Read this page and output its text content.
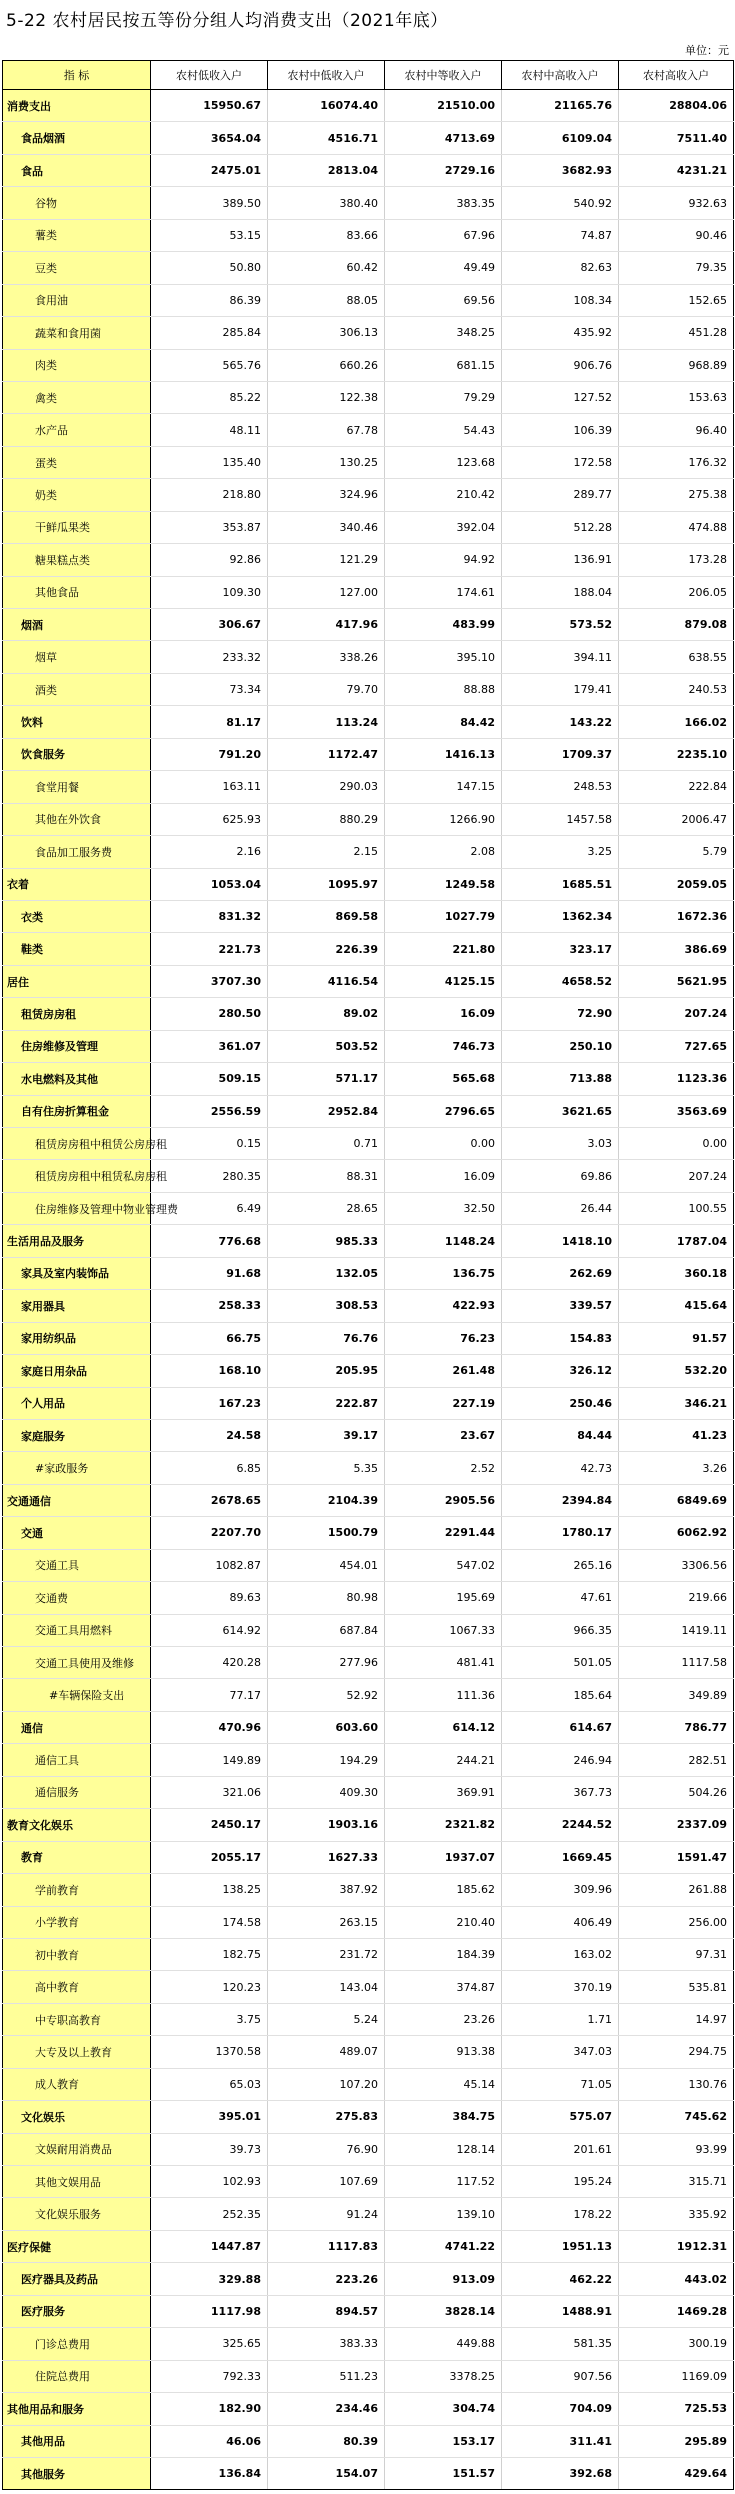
5-22 农村居民按五等份分组人均消费支出（2021年底）
单位：元
指 标	农村低收入户	农村中低收入户	农村中等收入户	农村中高收入户	农村高收入户
消费支出	15950.67	16074.40	21510.00	21165.76	28804.06
食品烟酒	3654.04	4516.71	4713.69	6109.04	7511.40
食品	2475.01	2813.04	2729.16	3682.93	4231.21
谷物	389.50	380.40	383.35	540.92	932.63
薯类	53.15	83.66	67.96	74.87	90.46
豆类	50.80	60.42	49.49	82.63	79.35
食用油	86.39	88.05	69.56	108.34	152.65
蔬菜和食用菌	285.84	306.13	348.25	435.92	451.28
肉类	565.76	660.26	681.15	906.76	968.89
禽类	85.22	122.38	79.29	127.52	153.63
水产品	48.11	67.78	54.43	106.39	96.40
蛋类	135.40	130.25	123.68	172.58	176.32
奶类	218.80	324.96	210.42	289.77	275.38
干鲜瓜果类	353.87	340.46	392.04	512.28	474.88
糖果糕点类	92.86	121.29	94.92	136.91	173.28
其他食品	109.30	127.00	174.61	188.04	206.05
烟酒	306.67	417.96	483.99	573.52	879.08
烟草	233.32	338.26	395.10	394.11	638.55
酒类	73.34	79.70	88.88	179.41	240.53
饮料	81.17	113.24	84.42	143.22	166.02
饮食服务	791.20	1172.47	1416.13	1709.37	2235.10
食堂用餐	163.11	290.03	147.15	248.53	222.84
其他在外饮食	625.93	880.29	1266.90	1457.58	2006.47
食品加工服务费	2.16	2.15	2.08	3.25	5.79
衣着	1053.04	1095.97	1249.58	1685.51	2059.05
衣类	831.32	869.58	1027.79	1362.34	1672.36
鞋类	221.73	226.39	221.80	323.17	386.69
居住	3707.30	4116.54	4125.15	4658.52	5621.95
租赁房房租	280.50	89.02	16.09	72.90	207.24
住房维修及管理	361.07	503.52	746.73	250.10	727.65
水电燃料及其他	509.15	571.17	565.68	713.88	1123.36
自有住房折算租金	2556.59	2952.84	2796.65	3621.65	3563.69
租赁房房租中租赁公房房租	0.15	0.71	0.00	3.03	0.00
租赁房房租中租赁私房房租	280.35	88.31	16.09	69.86	207.24
住房维修及管理中物业管理费	6.49	28.65	32.50	26.44	100.55
生活用品及服务	776.68	985.33	1148.24	1418.10	1787.04
家具及室内装饰品	91.68	132.05	136.75	262.69	360.18
家用器具	258.33	308.53	422.93	339.57	415.64
家用纺织品	66.75	76.76	76.23	154.83	91.57
家庭日用杂品	168.10	205.95	261.48	326.12	532.20
个人用品	167.23	222.87	227.19	250.46	346.21
家庭服务	24.58	39.17	23.67	84.44	41.23
#家政服务	6.85	5.35	2.52	42.73	3.26
交通通信	2678.65	2104.39	2905.56	2394.84	6849.69
交通	2207.70	1500.79	2291.44	1780.17	6062.92
交通工具	1082.87	454.01	547.02	265.16	3306.56
交通费	89.63	80.98	195.69	47.61	219.66
交通工具用燃料	614.92	687.84	1067.33	966.35	1419.11
交通工具使用及维修	420.28	277.96	481.41	501.05	1117.58
#车辆保险支出	77.17	52.92	111.36	185.64	349.89
通信	470.96	603.60	614.12	614.67	786.77
通信工具	149.89	194.29	244.21	246.94	282.51
通信服务	321.06	409.30	369.91	367.73	504.26
教育文化娱乐	2450.17	1903.16	2321.82	2244.52	2337.09
教育	2055.17	1627.33	1937.07	1669.45	1591.47
学前教育	138.25	387.92	185.62	309.96	261.88
小学教育	174.58	263.15	210.40	406.49	256.00
初中教育	182.75	231.72	184.39	163.02	97.31
高中教育	120.23	143.04	374.87	370.19	535.81
中专职高教育	3.75	5.24	23.26	1.71	14.97
大专及以上教育	1370.58	489.07	913.38	347.03	294.75
成人教育	65.03	107.20	45.14	71.05	130.76
文化娱乐	395.01	275.83	384.75	575.07	745.62
文娱耐用消费品	39.73	76.90	128.14	201.61	93.99
其他文娱用品	102.93	107.69	117.52	195.24	315.71
文化娱乐服务	252.35	91.24	139.10	178.22	335.92
医疗保健	1447.87	1117.83	4741.22	1951.13	1912.31
医疗器具及药品	329.88	223.26	913.09	462.22	443.02
医疗服务	1117.98	894.57	3828.14	1488.91	1469.28
门诊总费用	325.65	383.33	449.88	581.35	300.19
住院总费用	792.33	511.23	3378.25	907.56	1169.09
其他用品和服务	182.90	234.46	304.74	704.09	725.53
其他用品	46.06	80.39	153.17	311.41	295.89
其他服务	136.84	154.07	151.57	392.68	429.64
